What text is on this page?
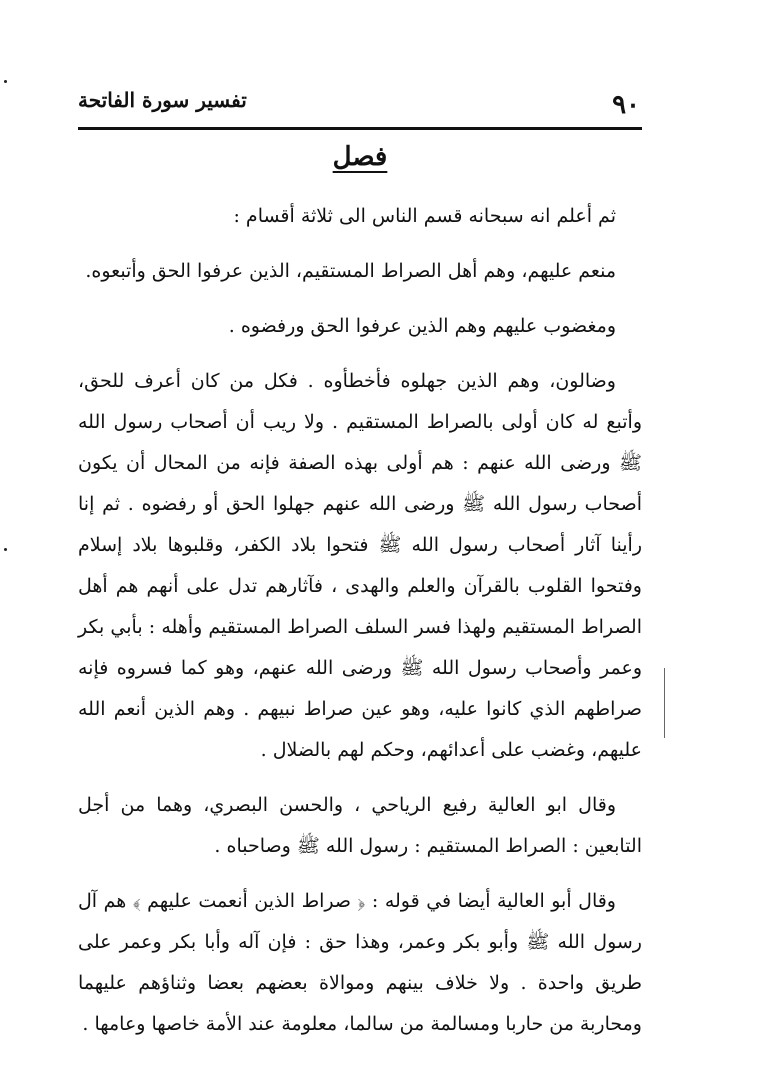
٩٠
تفسير سورة الفاتحة
فصل

ثم أعلم انه سبحانه قسم الناس الى ثلاثة أقسام :

منعم عليهم، وهم أهل الصراط المستقيم، الذين عرفوا الحق وأتبعوه.

ومغضوب عليهم وهم الذين عرفوا الحق ورفضوه .

وضالون، وهم الذين جهلوه فأخطأوه . فكل من كان أعرف للحق، وأتبع له كان أولى بالصراط المستقيم . ولا ريب أن أصحاب رسول الله ﷺ ورضى الله عنهم : هم أولى بهذه الصفة فإنه من المحال أن يكون أصحاب رسول الله ﷺ ورضى الله عنهم جهلوا الحق أو رفضوه . ثم إنا رأينا آثار أصحاب رسول الله ﷺ فتحوا بلاد الكفر، وقلبوها بلاد إسلام وفتحوا القلوب بالقرآن والعلم والهدى ، فآثارهم تدل على أنهم هم أهل الصراط المستقيم ولهذا فسر السلف الصراط المستقيم وأهله : بأبي بكر وعمر وأصحاب رسول الله ﷺ ورضى الله عنهم، وهو كما فسروه فإنه صراطهم الذي كانوا عليه، وهو عين صراط نبيهم . وهم الذين أنعم الله عليهم، وغضب على أعدائهم، وحكم لهم بالضلال .

وقال ابو العالية رفيع الرياحي ، والحسن البصري، وهما من أجل التابعين : الصراط المستقيم : رسول الله ﷺ وصاحباه .

وقال أبو العالية أيضا في قوله : ﴿ صراط الذين أنعمت عليهم ﴾ هم آل رسول الله ﷺ وأبو بكر وعمر، وهذا حق : فإن آله وأبا بكر وعمر على طريق واحدة . ولا خلاف بينهم وموالاة بعضهم بعضا وثناؤهم عليهما ومحاربة من حاربا ومسالمة من سالما، معلومة عند الأمة خاصها وعامها .
